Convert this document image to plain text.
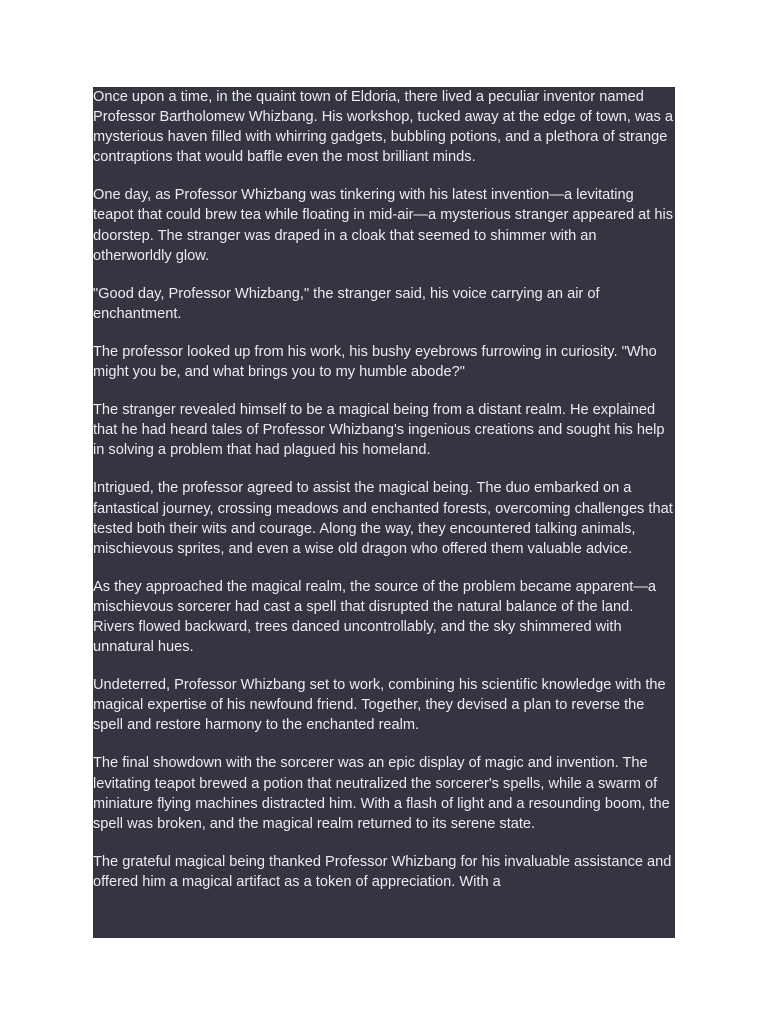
Once upon a time, in the quaint town of Eldoria, there lived a peculiar inventor named Professor Bartholomew Whizbang. His workshop, tucked away at the edge of town, was a mysterious haven filled with whirring gadgets, bubbling potions, and a plethora of strange contraptions that would baffle even the most brilliant minds.

One day, as Professor Whizbang was tinkering with his latest invention—a levitating teapot that could brew tea while floating in mid-air—a mysterious stranger appeared at his doorstep. The stranger was draped in a cloak that seemed to shimmer with an otherworldly glow.

"Good day, Professor Whizbang," the stranger said, his voice carrying an air of enchantment.

The professor looked up from his work, his bushy eyebrows furrowing in curiosity. "Who might you be, and what brings you to my humble abode?"

The stranger revealed himself to be a magical being from a distant realm. He explained that he had heard tales of Professor Whizbang's ingenious creations and sought his help in solving a problem that had plagued his homeland.

Intrigued, the professor agreed to assist the magical being. The duo embarked on a fantastical journey, crossing meadows and enchanted forests, overcoming challenges that tested both their wits and courage. Along the way, they encountered talking animals, mischievous sprites, and even a wise old dragon who offered them valuable advice.

As they approached the magical realm, the source of the problem became apparent—a mischievous sorcerer had cast a spell that disrupted the natural balance of the land. Rivers flowed backward, trees danced uncontrollably, and the sky shimmered with unnatural hues.

Undeterred, Professor Whizbang set to work, combining his scientific knowledge with the magical expertise of his newfound friend. Together, they devised a plan to reverse the spell and restore harmony to the enchanted realm.

The final showdown with the sorcerer was an epic display of magic and invention. The levitating teapot brewed a potion that neutralized the sorcerer's spells, while a swarm of miniature flying machines distracted him. With a flash of light and a resounding boom, the spell was broken, and the magical realm returned to its serene state.

The grateful magical being thanked Professor Whizbang for his invaluable assistance and offered him a magical artifact as a token of appreciation. With a
